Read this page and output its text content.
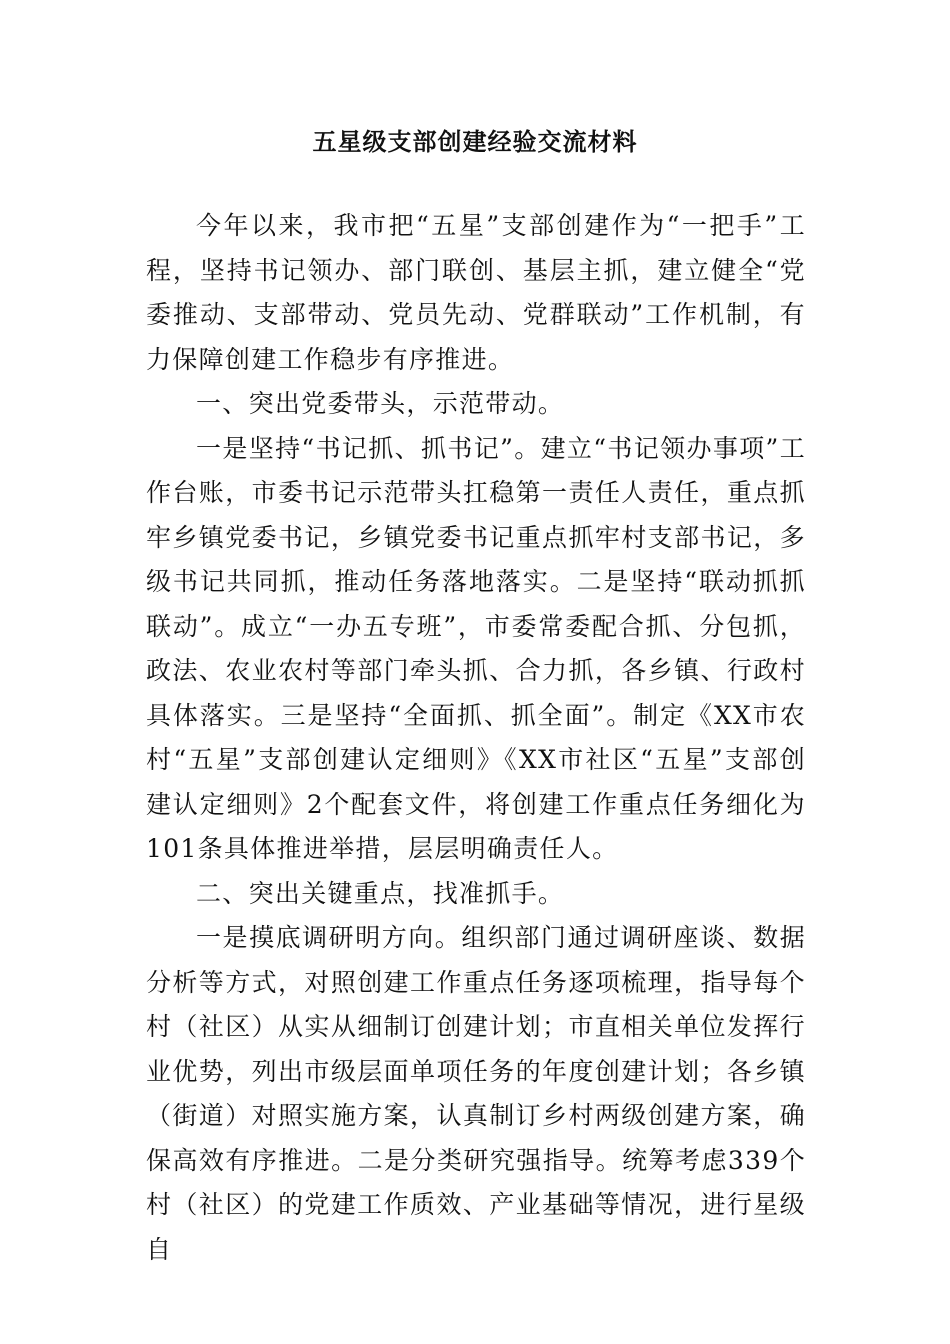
五星级支部创建经验交流材料

今年以来，我市把“五星”支部创建作为“一把手”工程，坚持书记领办、部门联创、基层主抓，建立健全“党委推动、支部带动、党员先动、党群联动”工作机制，有力保障创建工作稳步有序推进。

一、突出党委带头，示范带动。

一是坚持“书记抓、抓书记”。建立“书记领办事项”工作台账，市委书记示范带头扛稳第一责任人责任，重点抓牢乡镇党委书记，乡镇党委书记重点抓牢村支部书记，多级书记共同抓，推动任务落地落实。二是坚持“联动抓抓联动”。成立“一办五专班”，市委常委配合抓、分包抓，政法、农业农村等部门牵头抓、合力抓，各乡镇、行政村具体落实。三是坚持“全面抓、抓全面”。制定《XX市农村“五星”支部创建认定细则》《XX市社区“五星”支部创建认定细则》2个配套文件，将创建工作重点任务细化为101条具体推进举措，层层明确责任人。

二、突出关键重点，找准抓手。

一是摸底调研明方向。组织部门通过调研座谈、数据分析等方式，对照创建工作重点任务逐项梳理，指导每个村（社区）从实从细制订创建计划；市直相关单位发挥行业优势，列出市级层面单项任务的年度创建计划；各乡镇（街道）对照实施方案，认真制订乡村两级创建方案，确保高效有序推进。二是分类研究强指导。统筹考虑339个村（社区）的党建工作质效、产业基础等情况，进行星级自
